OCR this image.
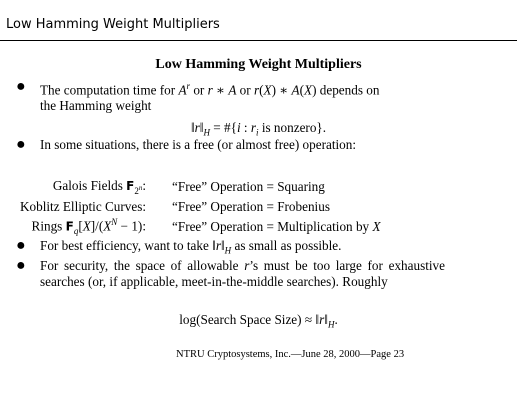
Low Hamming Weight Multipliers
Low Hamming Weight Multipliers
● The computation time for $A^r$ or r ∗ A or r(X) ∗ A(X) depends on
the Hamming weight
$‖r‖_H$ = #{i : $r_i$ is nonzero}.
● In some situations, there is a free (or almost free) operation:
Galois Fields $F_{2^n}$:	“Free” Operation = Squaring
Koblitz Elliptic Curves:	“Free” Operation = Frobenius
Rings $F_q[X]/(X^N - 1)$:	“Free” Operation = Multiplication by X
● For best efficiency, want to take $‖r‖_H$ as small as possible.
● For security, the space of allowable r’s must be too large for exhaustive searches (or, if applicable, meet-in-the-middle searches). Roughly
log(Search Space Size) ≈ $‖r‖_H$.
NTRU Cryptosystems, Inc.—June 28, 2000—Page 23
